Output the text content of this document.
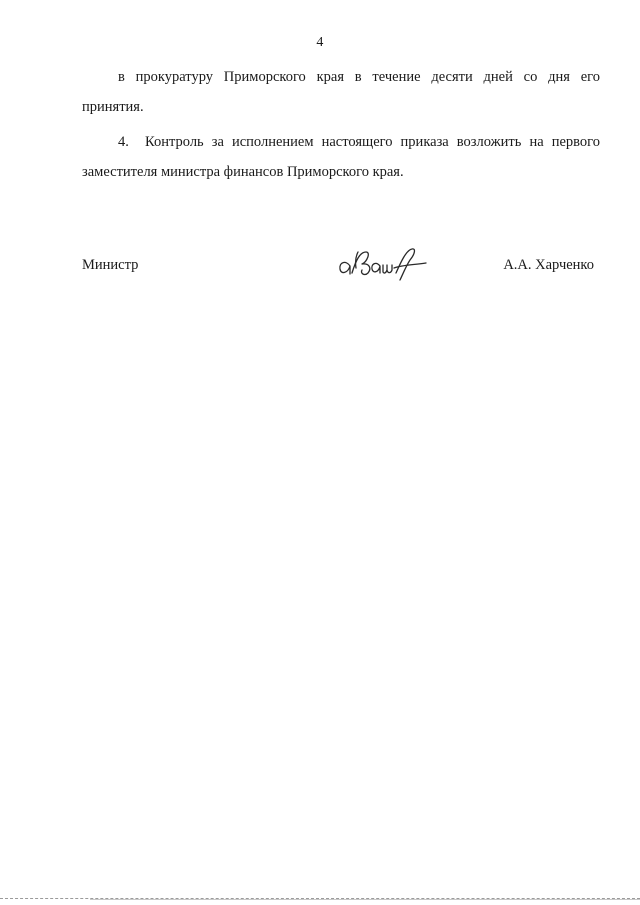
4
в прокуратуру Приморского края в течение десяти дней со дня его
принятия.
4. Контроль за исполнением настоящего приказа возложить на первого
заместителя министра финансов Приморского края.
Министр	А.А. Харченко
